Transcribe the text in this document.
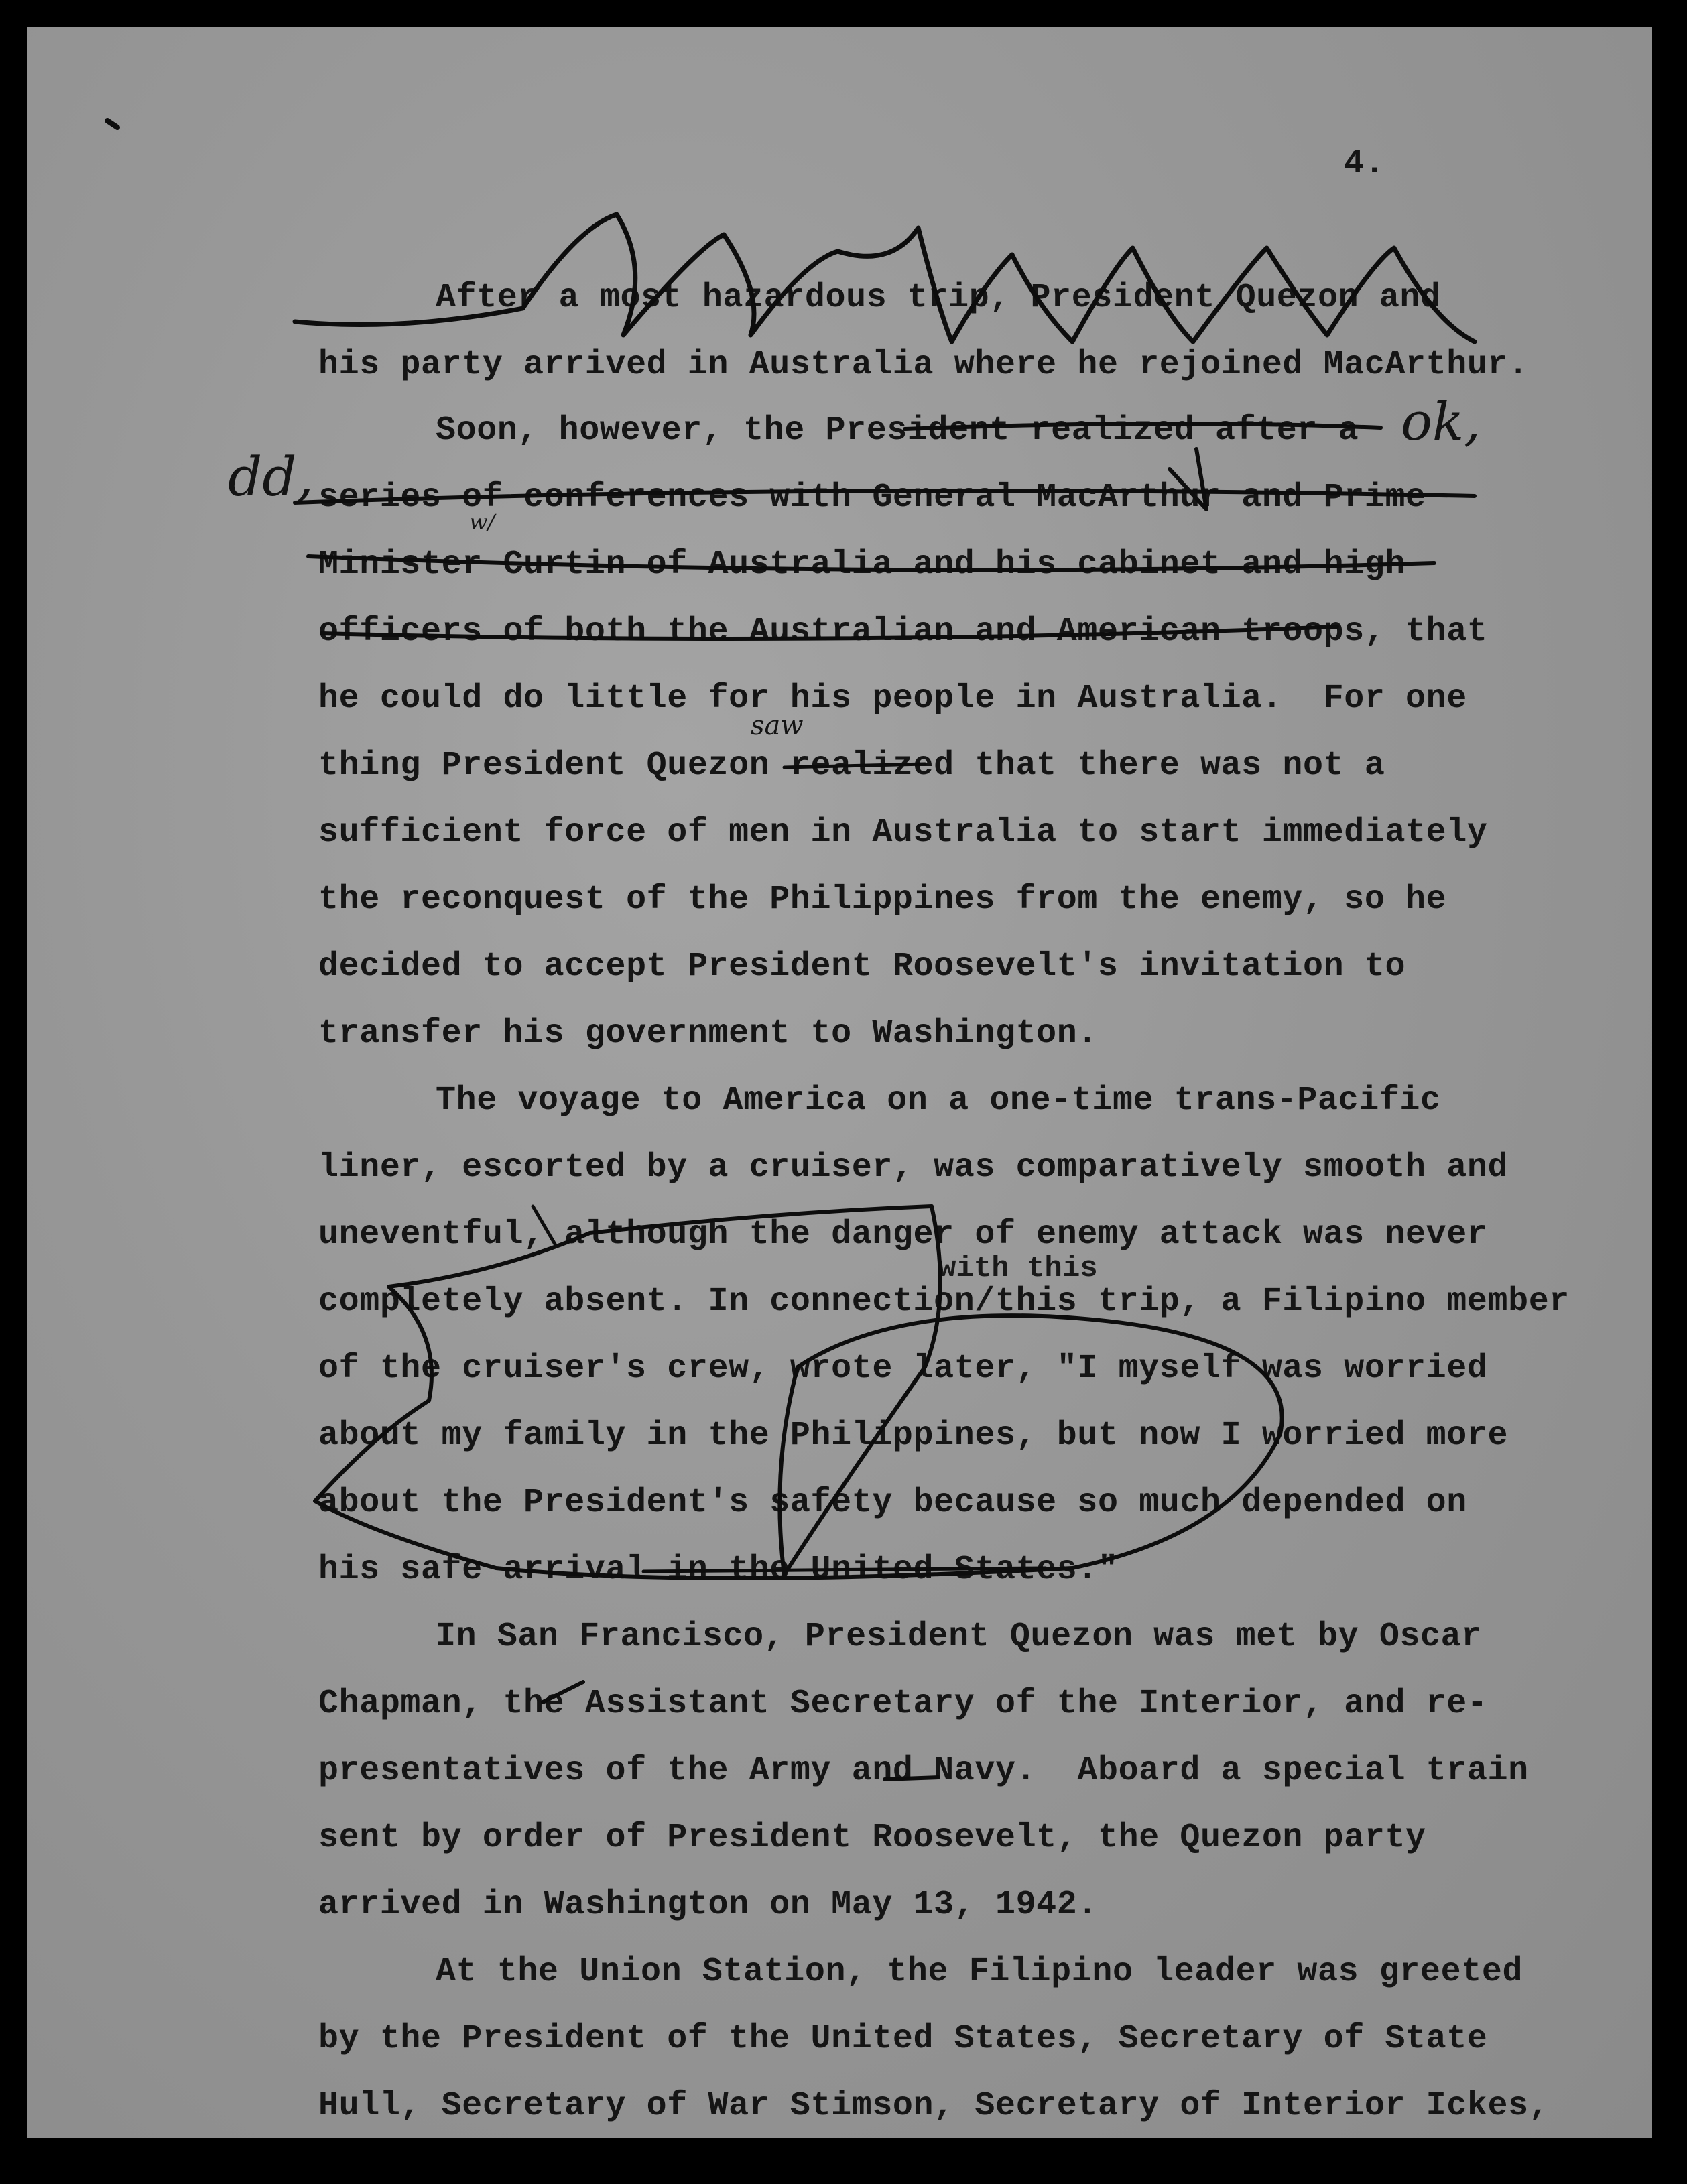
4.
After a most hazardous trip, President Quezon and
his party arrived in Australia where he rejoined MacArthur.
Soon, however, the President realized after a
series of conferences with General MacArthur and Prime
Minister Curtin of Australia and his cabinet and high
officers of both the Australian and American troops, that
he could do little for his people in Australia.  For one
thing President Quezon realized that there was not a
sufficient force of men in Australia to start immediately
the reconquest of the Philippines from the enemy, so he
decided to accept President Roosevelt's invitation to
transfer his government to Washington.
The voyage to America on a one-time trans-Pacific
liner, escorted by a cruiser, was comparatively smooth and
uneventful, although the danger of enemy attack was never
with this
completely absent. In connection/this trip, a Filipino member
of the cruiser's crew, wrote later, "I myself was worried
about my family in the Philippines, but now I worried more
about the President's safety because so much depended on
his safe arrival in the United States."
In San Francisco, President Quezon was met by Oscar
Chapman, the Assistant Secretary of the Interior, and re-
presentatives of the Army and Navy.  Aboard a special train
sent by order of President Roosevelt, the Quezon party
arrived in Washington on May 13, 1942.
At the Union Station, the Filipino leader was greeted
by the President of the United States, Secretary of State
Hull, Secretary of War Stimson, Secretary of Interior Ickes,
dd,
ok,
w/
saw
